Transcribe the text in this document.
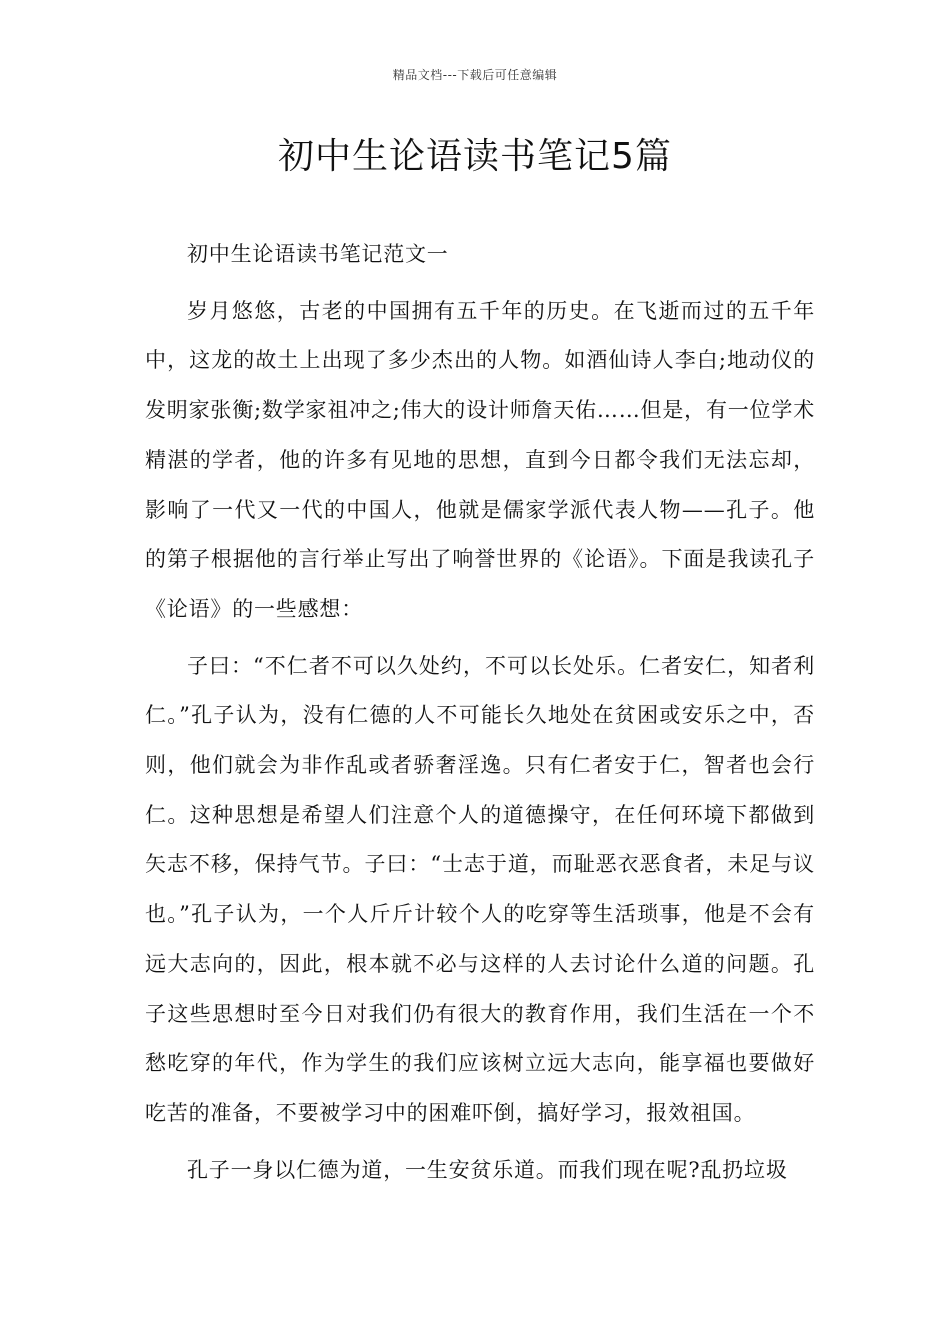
精品文档---下载后可任意编辑
初中生论语读书笔记5篇

初中生论语读书笔记范文一

岁月悠悠，古老的中国拥有五千年的历史。在飞逝而过的五千年中，这龙的故土上出现了多少杰出的人物。如酒仙诗人李白;地动仪的发明家张衡;数学家祖冲之;伟大的设计师詹天佑……但是，有一位学术精湛的学者，他的许多有见地的思想，直到今日都令我们无法忘却，影响了一代又一代的中国人，他就是儒家学派代表人物——孔子。他的第子根据他的言行举止写出了响誉世界的《论语》。下面是我读孔子《论语》的一些感想：

子曰：“不仁者不可以久处约，不可以长处乐。仁者安仁，知者利仁。”孔子认为，没有仁德的人不可能长久地处在贫困或安乐之中，否则，他们就会为非作乱或者骄奢淫逸。只有仁者安于仁，智者也会行仁。这种思想是希望人们注意个人的道德操守，在任何环境下都做到矢志不移，保持气节。子曰：“士志于道，而耻恶衣恶食者，未足与议也。”孔子认为，一个人斤斤计较个人的吃穿等生活琐事，他是不会有远大志向的，因此，根本就不必与这样的人去讨论什么道的问题。孔子这些思想时至今日对我们仍有很大的教育作用，我们生活在一个不愁吃穿的年代，作为学生的我们应该树立远大志向，能享福也要做好吃苦的准备，不要被学习中的困难吓倒，搞好学习，报效祖国。

孔子一身以仁德为道，一生安贫乐道。而我们现在呢?乱扔垃圾
